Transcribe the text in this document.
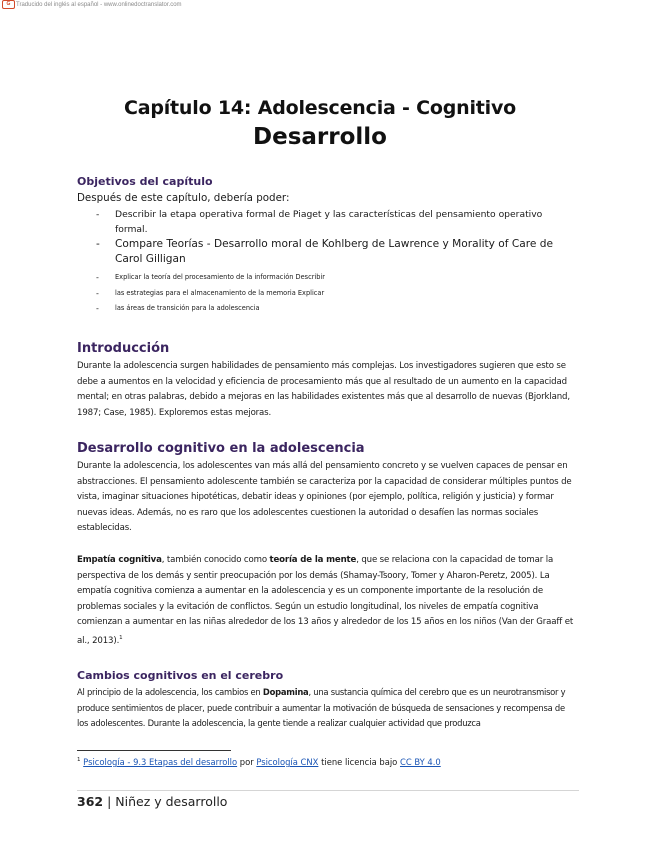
G Traducido del inglés al español - www.onlinedoctranslator.com
Capítulo 14: Adolescencia - Cognitivo
Desarrollo
Objetivos del capítulo

Después de este capítulo, debería poder:

- Describir la etapa operativa formal de Piaget y las características del pensamiento operativo formal.
- Compare Teorías - Desarrollo moral de Kohlberg de Lawrence y Morality of Care de Carol Gilligan
- Explicar la teoría del procesamiento de la información Describir
- las estrategias para el almacenamiento de la memoria Explicar
- las áreas de transición para la adolescencia
Introducción

Durante la adolescencia surgen habilidades de pensamiento más complejas. Los investigadores sugieren que esto se debe a aumentos en la velocidad y eficiencia de procesamiento más que al resultado de un aumento en la capacidad mental; en otras palabras, debido a mejoras en las habilidades existentes más que al desarrollo de nuevas (Bjorkland, 1987; Case, 1985). Exploremos estas mejoras.

Desarrollo cognitivo en la adolescencia

Durante la adolescencia, los adolescentes van más allá del pensamiento concreto y se vuelven capaces de pensar en abstracciones. El pensamiento adolescente también se caracteriza por la capacidad de considerar múltiples puntos de vista, imaginar situaciones hipotéticas, debatir ideas y opiniones (por ejemplo, política, religión y justicia) y formar nuevas ideas. Además, no es raro que los adolescentes cuestionen la autoridad o desafíen las normas sociales establecidas.

Empatía cognitiva, también conocido como teoría de la mente, que se relaciona con la capacidad de tomar la perspectiva de los demás y sentir preocupación por los demás (Shamay-Tsoory, Tomer y Aharon-Peretz, 2005). La empatía cognitiva comienza a aumentar en la adolescencia y es un componente importante de la resolución de problemas sociales y la evitación de conflictos. Según un estudio longitudinal, los niveles de empatía cognitiva comienzan a aumentar en las niñas alrededor de los 13 años y alrededor de los 15 años en los niños (Van der Graaff et al., 2013).$^1$

Cambios cognitivos en el cerebro

Al principio de la adolescencia, los cambios en Dopamina, una sustancia química del cerebro que es un neurotransmisor y produce sentimientos de placer, puede contribuir a aumentar la motivación de búsqueda de sensaciones y recompensa de los adolescentes. Durante la adolescencia, la gente tiende a realizar cualquier actividad que produzca

$^1$ Psicología - 9.3 Etapas del desarrollo por Psicología CNX tiene licencia bajo CC BY 4.0
362 | Niñez y desarrollo
